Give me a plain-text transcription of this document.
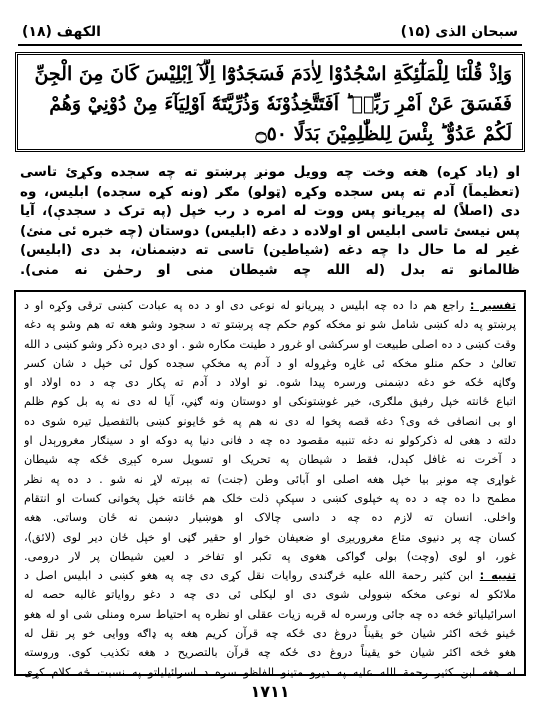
سبحان الذی (۱۵)
الکهف (۱۸)
وَاِذْ قُلْنَا لِلْمَلٰٓئِكَةِ اسْجُدُوْا لِاٰدَمَ فَسَجَدُوْٓا اِلَّآ اِبْلِيْسَ كَانَ مِنَ الْجِنِّ
فَفَسَقَ عَنْ اَمْرِ رَبِّهٖ ؕ اَفَتَتَّخِذُوْنَهٗ وَذُرِّيَّتَهٗٓ اَوْلِيَآءَ مِنْ دُوْنِيْ وَهُمْ
لَكُمْ عَدُوٌّ ؕ بِئْسَ لِلظّٰلِمِيْنَ بَدَلًا ۝٥٠
او (یاد کړه) هغه وخت چه وویل مونږ پرښتو ته چه سجده وکړئ تاسی
(تعظیماً) آدم ته پس سجده وکړه (ټولو) مګر (ونه کړه سجده) ابلیس، وه
دی (اصلاً) له پیریانو پس ووت له امره د رب خپل (په ترک د سجدې)، آیا
پس نیسئ تاسی ابلیس او اولاده د دغه (ابلیس) دوستان (چه خبره ئی منئ)
غیر له ما حال دا چه دغه (شیاطین) تاسی ته دښمنان، بد دی (ابلیس)
ظالمانو ته بدل (له الله چه شیطان منی او رحمٰن نه منی).
تفسیر : راجع هم دا ده چه ابلیس د پیریانو له نوعی دی او د ده په عبادت کښی ترقی وکړه او د
پرښتو په دله کښی شامل شو نو مخکه کوم حکم چه پرښتو ته د سجود وشو هغه ته هم وشو په دغه
وقت کښی د ده اصلی طبیعت او سرکشی او غرور د طینت مکاره شو . او دی دیره ذکر وشو کښی د الله
تعالیٰ د حکم منلو مخکه ئی غاړه وغړوله او د آدم په مخکې سجده کول ئی خپل د شان کسر
وګاڼه ځکه خو دغه دښمنی ورسره پیدا شوه. نو اولاد د آدم ته پکار دی چه د ده اولاد او
اتباع ځانته خپل رفیق ملګری، خیر غوښتونکی او دوستان ونه ګڼي، آیا له دی نه په بل کوم ظلم
او بی انصافی څه وی؟ دغه قصه پخوا له دی نه هم په څو ځایونو کښی بالتفصیل تیره شوی ده
دلته د هغی له ذکرکولو نه دغه تنبیه مقصود ده چه د فانی دنیا په دوکه او د سینګار مغرورېدل او
د آخرت نه غافل کېدل، فقط د شیطان په تحریک او تسویل سره کېږی ځکه چه شیطان
غواړی چه مونږ بیا خپل هغه اصلی او آبائی وطن (جنت) ته بېرته لاړ نه شو . د ده په نظر
مطمح دا ده چه د ده په خپلوی کښی د سپکې ذلت خلک هم ځانته خپل پخوانی کسات او انتقام
واخلی. انسان ته لازم ده چه د داسی چالاک او هوښیار دښمن نه ځان وساتی. هغه
کسان چه پر دنیوی متاع مغروریږی او ضعیفان خوار او حقیر ګڼی او خپل ځان دیر لوی (لائق)،
غور، او لوی (وچت) بولی ګواکی هغوی په تکبر او تفاخر د لعین شیطان پر لار درومی.
تنبیه : ابن کثیر رحمة الله علیه څرګندی روایات نقل کړی دی چه په هغو کښی د ابلیس اصل د
ملائکو له نوعی مخکه ښوولی شوی دی او لیکلی ئی دی چه د دغو روایاتو غالبه حصه له
اسرائیلیاتو څخه ده چه جائی ورسره له قربه زیات عقلی او نظره په احتیاط سره ومنلی شی او له هغو
ځینو څخه اکثر شیان خو یقیناً دروغ دی ځکه چه قرآن کریم هغه په ډاګه ووایی خو پر نقل له
هغو څخه اکثر شیان خو یقیناً دروغ دی ځکه چه قرآن بالتصریح د هغه تکذیب کوی. وروسته
له هغه ابن کثیر رحمة الله علیه په دیرو متینو الفاظو سره د اسرائیلیاتو په نسبت څه کلام کړی
۱۷۱۱
